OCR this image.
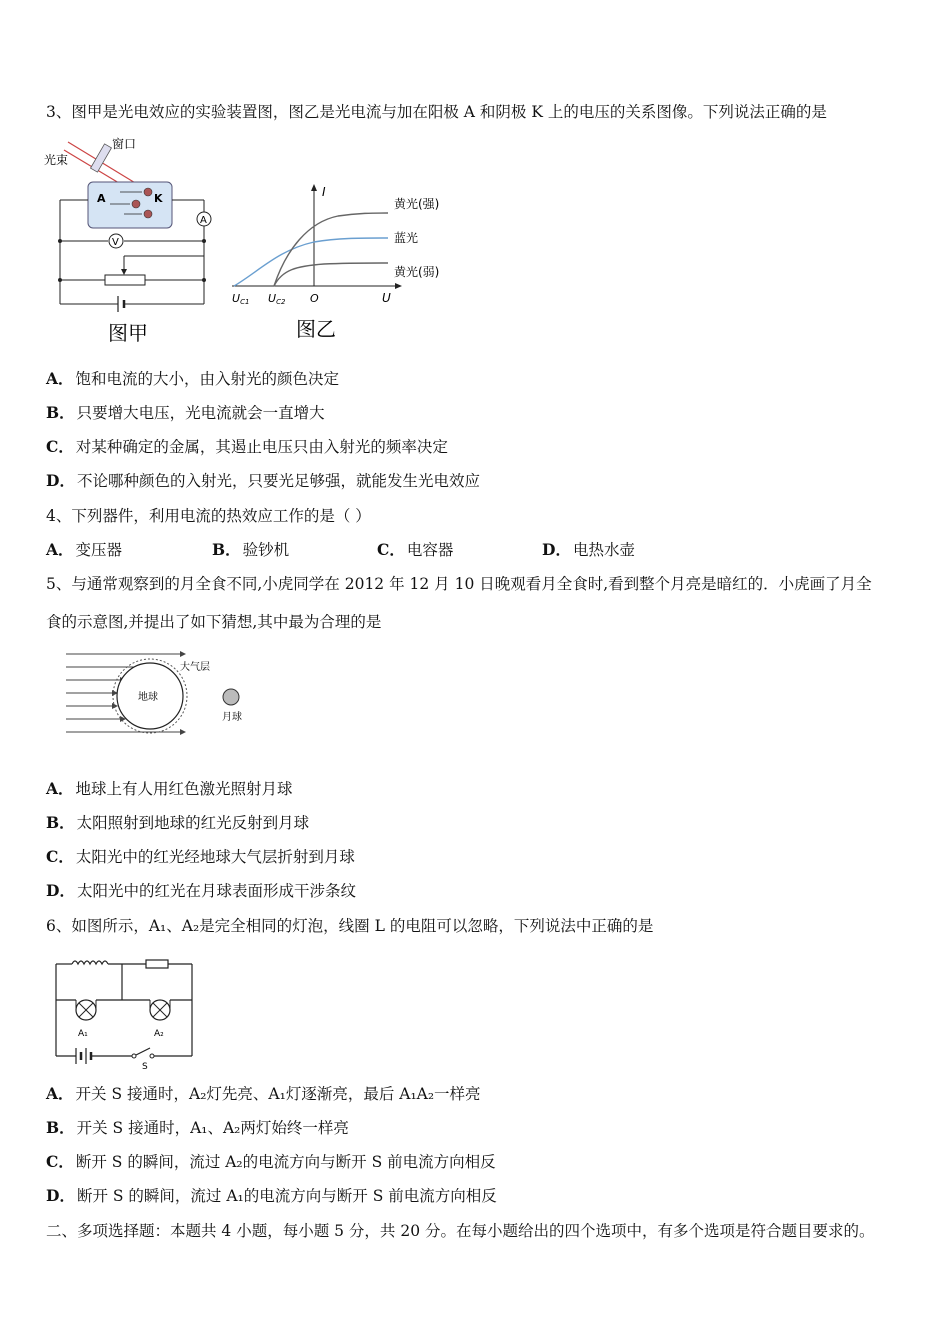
3、图甲是光电效应的实验装置图，图乙是光电流与加在阳极 A 和阴极 K 上的电压的关系图像。下列说法正确的是
光束
窗口
A	K
A
V
图甲
I
U
O
UC1 UC2
黄光(强)
蓝光
黄光(弱)
图乙
A． 饱和电流的大小，由入射光的颜色决定
B． 只要增大电压，光电流就会一直增大
C． 对某种确定的金属，其遏止电压只由入射光的频率决定
D． 不论哪种颜色的入射光，只要光足够强，就能发生光电效应
4、下列器件，利用电流的热效应工作的是（ ）
A． 变压器	B． 验钞机	C． 电容器	D． 电热水壶
5、与通常观察到的月全食不同,小虎同学在 2012 年 12 月 10 日晚观看月全食时,看到整个月亮是暗红的．小虎画了月全
食的示意图,并提出了如下猜想,其中最为合理的是
地球
大气层
月球
A． 地球上有人用红色激光照射月球
B． 太阳照射到地球的红光反射到月球
C． 太阳光中的红光经地球大气层折射到月球
D． 太阳光中的红光在月球表面形成干涉条纹
6、如图所示，A₁、A₂是完全相同的灯泡，线圈 L 的电阻可以忽略，下列说法中正确的是
A₁	A₂
S
A． 开关 S 接通时，A₂灯先亮、A₁灯逐渐亮，最后 A₁A₂一样亮
B． 开关 S 接通时，A₁、A₂两灯始终一样亮
C． 断开 S 的瞬间，流过 A₂的电流方向与断开 S 前电流方向相反
D． 断开 S 的瞬间，流过 A₁的电流方向与断开 S 前电流方向相反
二、多项选择题：本题共 4 小题，每小题 5 分，共 20 分。在每小题给出的四个选项中，有多个选项是符合题目要求的。
